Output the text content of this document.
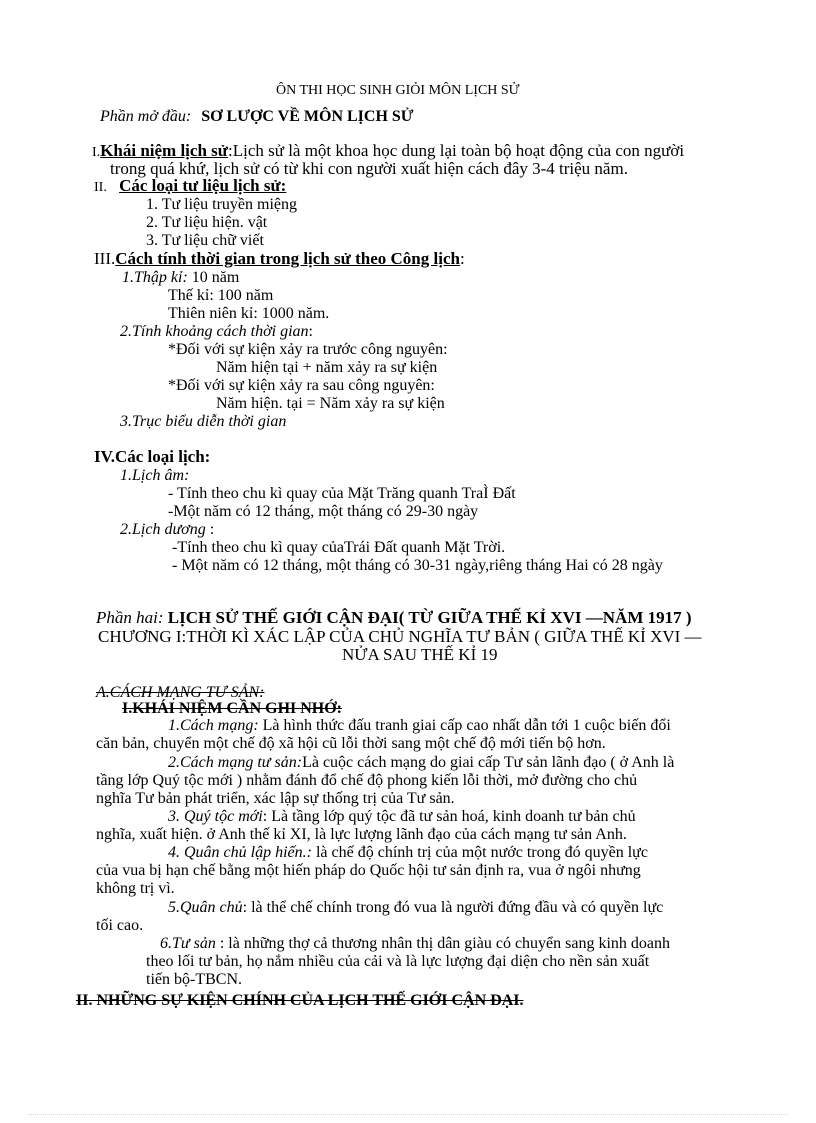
ÔN THI HỌC SINH GIỎI MÔN LỊCH SỬ
Phần mở đầu: SƠ LƯỢC VỀ MÔN LỊCH SỬ
I.Khái niệm lịch sử:Lịch sử là một khoa học dung lại toàn bộ hoạt động của con người
trong quá khứ, lịch sử có từ khi con người xuất hiện cách đây 3-4 triệu năm.
II. Các loại tư liệu lịch sử:
1. Tư liệu truyền miệng
2. Tư liệu hiện. vật
3. Tư liệu chữ viết
III.Cách tính thời gian trong lịch sử theo Công lịch:
1.Thập kỉ: 10 năm
Thế kỉ: 100 năm
Thiên niên kỉ: 1000 năm.
2.Tính khoảng cách thời gian:
*Đối với sự kiện xảy ra trước công nguyên:
Năm hiện tại + năm xảy ra sự kiện
*Đối với sự kiện xảy ra sau công nguyên:
Năm hiện. tại = Năm xảy ra sự kiện
3.Trục biểu diễn thời gian
IV.Các loại lịch:
1.Lịch âm:
- Tính theo chu kì quay của Mặt Trăng quanh TraÌ Đất
-Một năm có 12 tháng, một tháng có 29-30 ngày
2.Lịch dương :
-Tính theo chu kì quay củaTrái Đất quanh Mặt Trời.
- Một năm có 12 tháng, một tháng có 30-31 ngày,riêng tháng Hai có 28 ngày
Phần hai: LỊCH SỬ THẾ GIỚI CẬN ĐẠI( TỪ GIỮA THẾ KỈ XVI —NĂM 1917 )
CHƯƠNG I:THỜI KÌ XÁC LẬP CỦA CHỦ NGHĨA TƯ BẢN ( GIỮA THẾ KỈ XVI —
NỬA SAU THẾ KỈ 19
A.CÁCH MẠNG TƯ SẢN:
I.KHÁI NIỆM CẦN GHI NHỚ:
1.Cách mạng: Là hình thức đấu tranh giai cấp cao nhất dẫn tới 1 cuộc biến đổi
căn bản, chuyển một chế độ xã hội cũ lỗi thời sang một chế độ mới tiến bộ hơn.
2.Cách mạng tư sản:Là cuộc cách mạng do giai cấp Tư sản lãnh đạo ( ở Anh là
tầng lớp Quý tộc mới ) nhằm đánh đổ chế độ phong kiến lỗi thời, mở đường cho chủ
nghĩa Tư bản phát triển, xác lập sự thống trị của Tư sản.
3. Quý tộc mới: Là tầng lớp quý tộc đã tư sản hoá, kinh doanh tư bản chủ
nghĩa, xuất hiện. ở Anh thế kỉ XI, là lực lượng lãnh đạo của cách mạng tư sản Anh.
4. Quân chủ lập hiến.: là chế độ chính trị của một nước trong đó quyền lực
của vua bị hạn chế bằng một hiến pháp do Quốc hội tư sản định ra, vua ở ngôi nhưng
không trị vì.
5.Quân chủ: là thể chế chính trong đó vua là người đứng đầu và có quyền lực
tối cao.
6.Tư sản : là những thợ cả thương nhân thị dân giàu có chuyển sang kinh doanh
theo lối tư bản, họ nắm nhiều của cải và là lực lượng đại diện cho nền sản xuất
tiến bộ-TBCN.
II. NHỮNG SỰ KIỆN CHÍNH CỦA LỊCH THẾ GIỚI CẬN ĐẠI.
